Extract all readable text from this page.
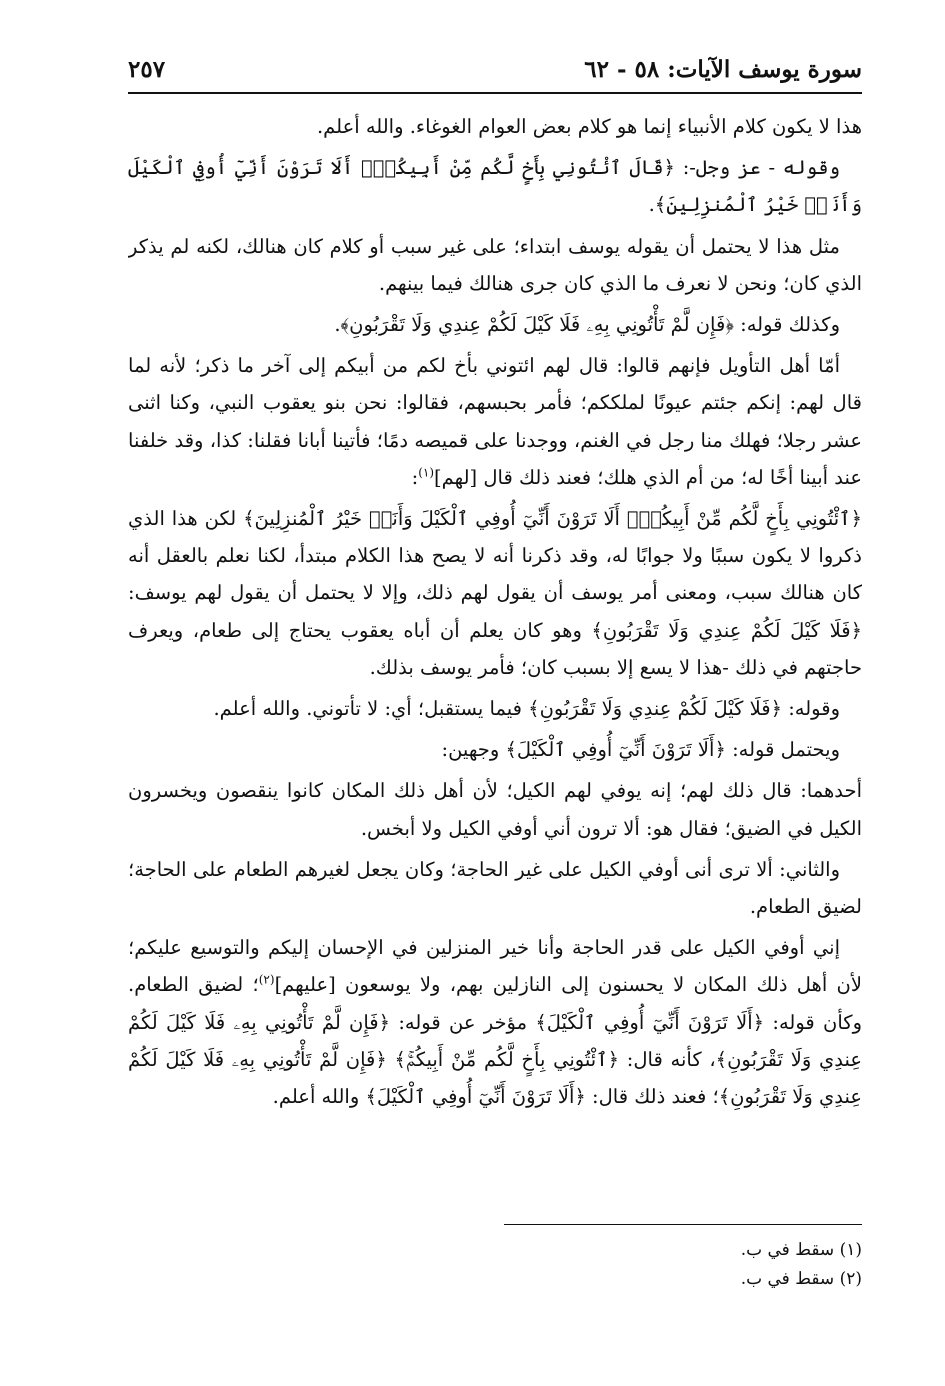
سورة يوسف الآيات: ٥٨ - ٦٢
٢٥٧

هذا لا يكون كلام الأنبياء إنما هو كلام بعض العوام الغوغاء. والله أعلم.

وقوله - عز وجل-: ﴿قَالَ ٱئْتُونِي بِأَخٍ لَّكُم مِّنْ أَبِيكُمْۚ أَلَا تَرَوْنَ أَنِّيٓ أُوفِي ٱلْكَيْلَ وَأَنَا۠ خَيْرُ ٱلْمُنزِلِينَ﴾.

مثل هذا لا يحتمل أن يقوله يوسف ابتداء؛ على غير سبب أو كلام كان هنالك، لكنه لم يذكر الذي كان؛ ونحن لا نعرف ما الذي كان جرى هنالك فيما بينهم.

وكذلك قوله: ﴿فَإِن لَّمْ تَأْتُونِي بِهِۦ فَلَا كَيْلَ لَكُمْ عِندِي وَلَا تَقْرَبُونِ﴾.

أمّا أهل التأويل فإنهم قالوا: قال لهم ائتوني بأخ لكم من أبيكم إلى آخر ما ذكر؛ لأنه لما قال لهم: إنكم جئتم عيونًا لملككم؛ فأمر بحبسهم، فقالوا: نحن بنو يعقوب النبي، وكنا اثنى عشر رجلا؛ فهلك منا رجل في الغنم، ووجدنا على قميصه دمًا؛ فأتينا أبانا فقلنا: كذا، وقد خلفنا عند أبينا أخًا له؛ من أم الذي هلك؛ فعند ذلك قال [لهم]$^{(١)}$:

﴿ٱئْتُونِي بِأَخٍ لَّكُم مِّنْ أَبِيكُمْۚ أَلَا تَرَوْنَ أَنِّيٓ أُوفِي ٱلْكَيْلَ وَأَنَا۠ خَيْرُ ٱلْمُنزِلِينَ﴾ لكن هذا الذي ذكروا لا يكون سببًا ولا جوابًا له، وقد ذكرنا أنه لا يصح هذا الكلام مبتدأ، لكنا نعلم بالعقل أنه كان هنالك سبب، ومعنى أمر يوسف أن يقول لهم ذلك، وإلا لا يحتمل أن يقول لهم يوسف: ﴿فَلَا كَيْلَ لَكُمْ عِندِي وَلَا تَقْرَبُونِ﴾ وهو كان يعلم أن أباه يعقوب يحتاج إلى طعام، ويعرف حاجتهم في ذلك -هذا لا يسع إلا بسبب كان؛ فأمر يوسف بذلك.

وقوله: ﴿فَلَا كَيْلَ لَكُمْ عِندِي وَلَا تَقْرَبُونِ﴾ فيما يستقبل؛ أي: لا تأتوني. والله أعلم.

ويحتمل قوله: ﴿أَلَا تَرَوْنَ أَنِّيٓ أُوفِي ٱلْكَيْلَ﴾ وجهين:

أحدهما: قال ذلك لهم؛ إنه يوفي لهم الكيل؛ لأن أهل ذلك المكان كانوا ينقصون ويخسرون الكيل في الضيق؛ فقال هو: ألا ترون أني أوفي الكيل ولا أبخس.

والثاني: ألا ترى أنى أوفي الكيل على غير الحاجة؛ وكان يجعل لغيرهم الطعام على الحاجة؛ لضيق الطعام.

إني أوفي الكيل على قدر الحاجة وأنا خير المنزلين في الإحسان إليكم والتوسيع عليكم؛ لأن أهل ذلك المكان لا يحسنون إلى النازلين بهم، ولا يوسعون [عليهم]$^{(٢)}$؛ لضيق الطعام. وكأن قوله: ﴿أَلَا تَرَوْنَ أَنِّيٓ أُوفِي ٱلْكَيْلَ﴾ مؤخر عن قوله: ﴿فَإِن لَّمْ تَأْتُونِي بِهِۦ فَلَا كَيْلَ لَكُمْ عِندِي وَلَا تَقْرَبُونِ﴾، كأنه قال: ﴿ٱئْتُونِي بِأَخٍ لَّكُم مِّنْ أَبِيكُمْۚ﴾ ﴿فَإِن لَّمْ تَأْتُونِي بِهِۦ فَلَا كَيْلَ لَكُمْ عِندِي وَلَا تَقْرَبُونِ﴾؛ فعند ذلك قال: ﴿أَلَا تَرَوْنَ أَنِّيٓ أُوفِي ٱلْكَيْلَ﴾ والله أعلم.

(١) سقط في ب.

(٢) سقط في ب.
